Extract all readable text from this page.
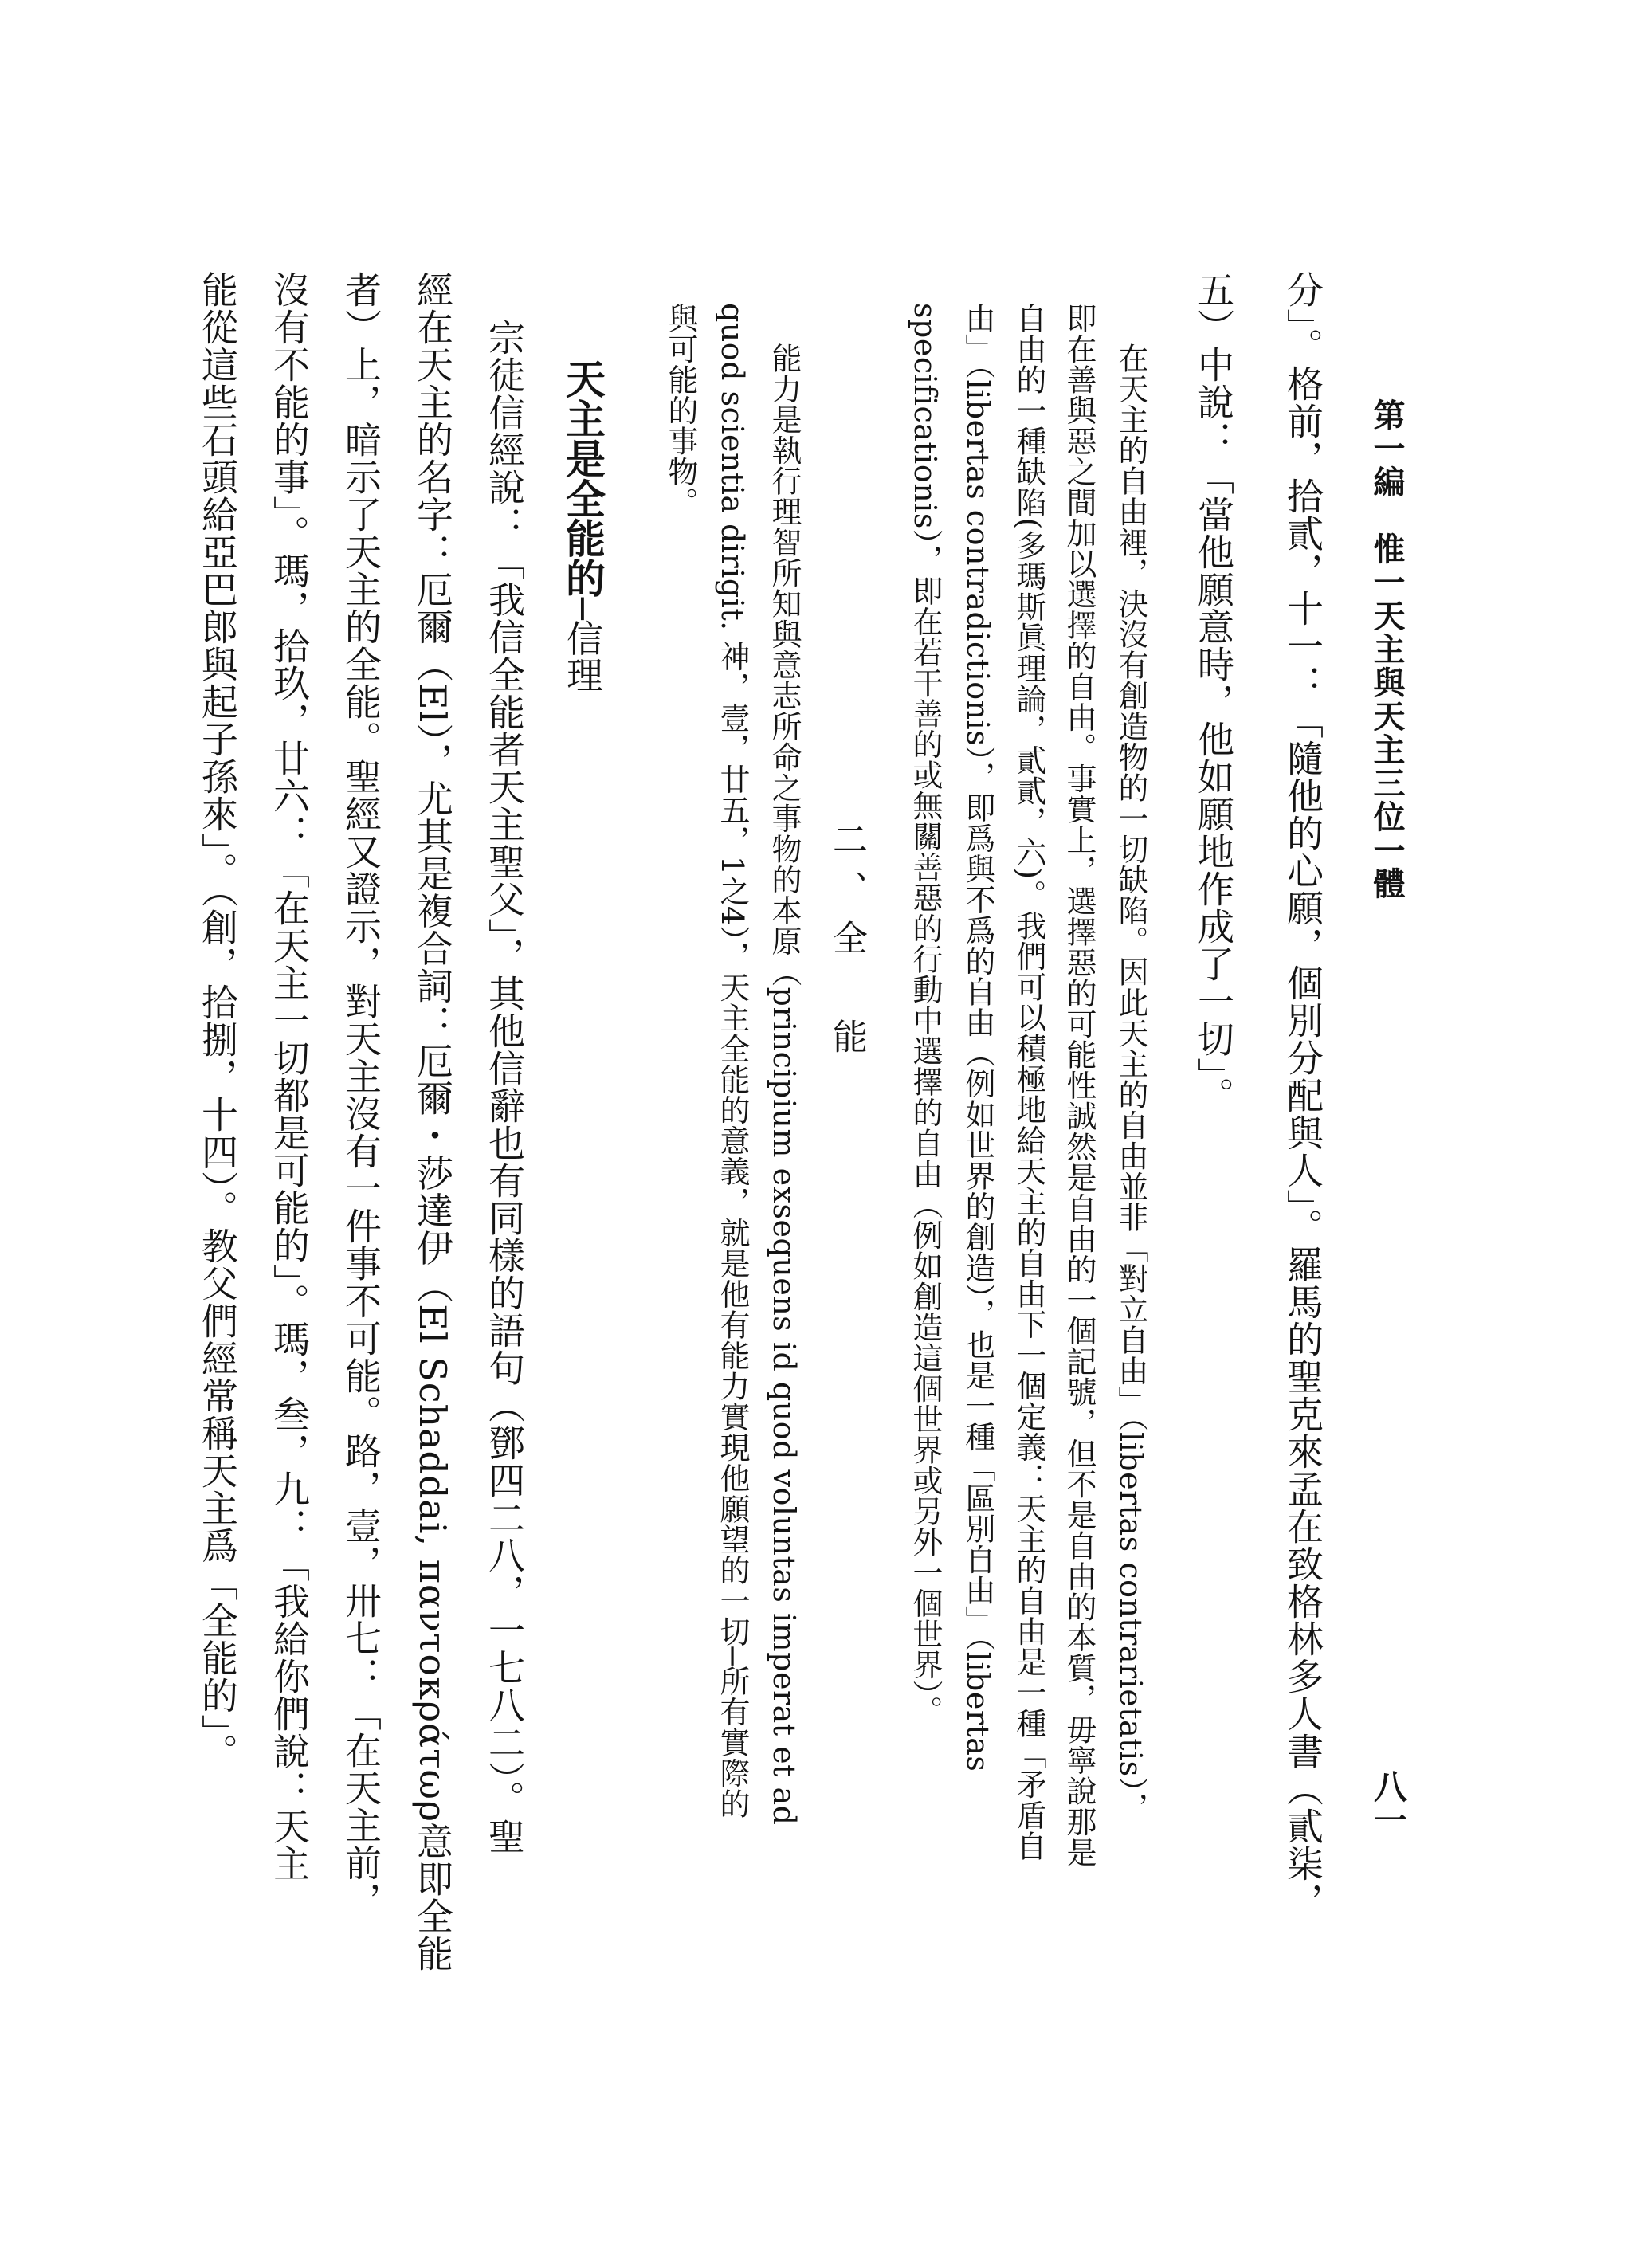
第一編　惟一天主與天主三位一體
八一
分」。格前，拾貳，十一：「隨他的心願，個別分配與人」。羅馬的聖克來孟在致格林多人書（貳柒，
五）中說：「當他願意時，他如願地作成了一切」。
在天主的自由裡，決沒有創造物的一切缺陷。因此天主的自由並非「對立自由」（libertas contrarietatis），
即在善與惡之間加以選擇的自由。事實上，選擇惡的可能性誠然是自由的一個記號，但不是自由的本質，毋寧說那是
自由的一種缺陷(多瑪斯眞理論，貳貳，六)。我們可以積極地給天主的自由下一個定義：天主的自由是一種「矛盾自
由」（libertas contradictionis），即爲與不爲的自由（例如世界的創造），也是一種「區別自由」（libertas
specificationis），即在若干善的或無關善惡的行動中選擇的自由（例如創造這個世界或另外一個世界）。
二、全　能
能力是執行理智所知與意志所命之事物的本原（principium exsequens id quod voluntas imperat et ad
quod scientia dirigit. 神，壹，廿五，1之4），天主全能的意義，就是他有能力實現他願望的一切─所有實際的
與可能的事物。
天主是全能的─信理
宗徒信經說：「我信全能者天主聖父」，其他信辭也有同樣的語句（鄧四二八，一七八二）。聖
經在天主的名字：厄爾（El），尤其是複合詞：厄爾・莎達伊（El Schaddai, παντοκράτωρ意即全能
者）上，暗示了天主的全能。聖經又證示，對天主沒有一件事不可能。路，壹，卅七：「在天主前，
沒有不能的事」。瑪，拾玖，廿六：「在天主一切都是可能的」。瑪，叁，九：「我給你們說：天主
能從這些石頭給亞巴郎與起子孫來」。（創，拾捌，十四）。教父們經常稱天主爲「全能的」。
